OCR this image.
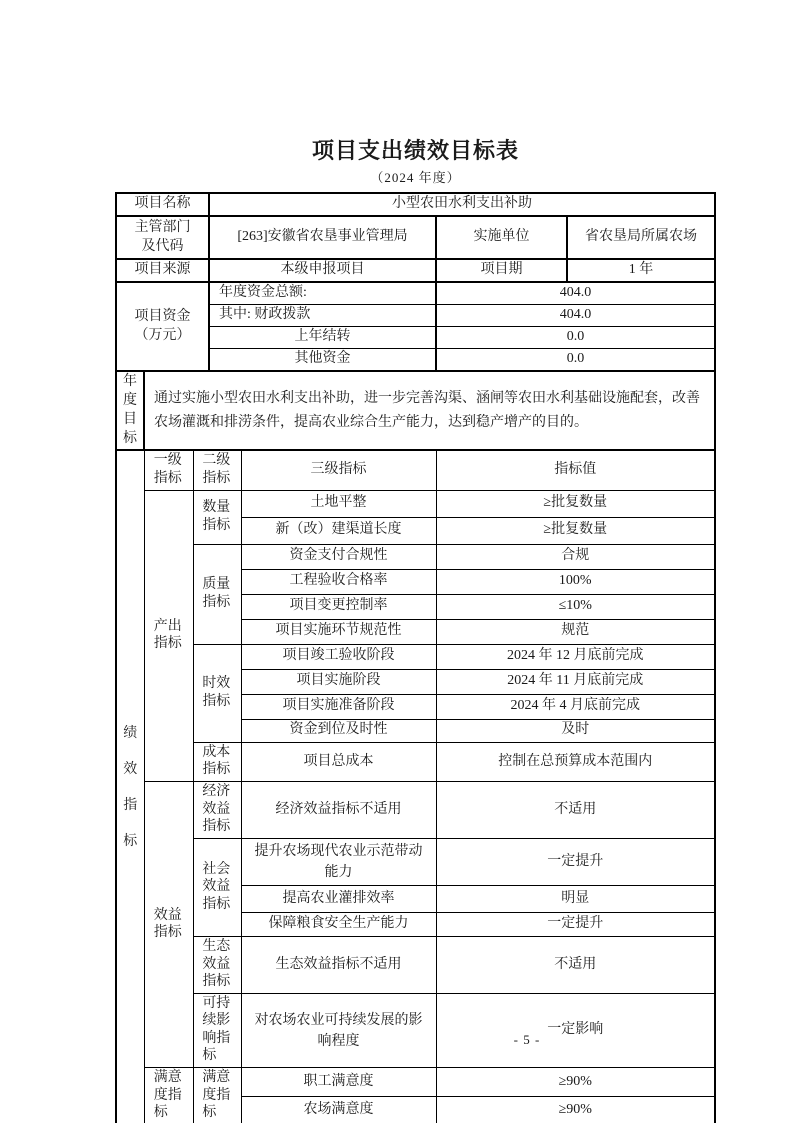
项目支出绩效目标表
（2024 年度）
项目名称			小型农田水利支出补助			
主管部门及代码			[263]安徽省农垦事业管理局		实施单位	省农垦局所属农场
项目来源			本级申报项目		项目期	1 年
项目资金（万元）			年度资金总额:		404.0	
			其中: 财政拨款		404.0	
			上年结转		0.0	
			其他资金		0.0	
年度目标	通过实施小型农田水利支出补助，进一步完善沟渠、涵闸等农田水利基础设施配套，改善农场灌溉和排涝条件，提高农业综合生产能力，达到稳产增产的目的。					
绩效指标	一级指标	二级指标		三级指标	指标值	
	产出指标	数量指标		土地平整	≥批复数量	
				新（改）建渠道长度	≥批复数量	
		质量指标		资金支付合规性	合规	
				工程验收合格率	100%	
				项目变更控制率	≤10%	
				项目实施环节规范性	规范	
		时效指标		项目竣工验收阶段	2024 年 12 月底前完成	
				项目实施阶段	2024 年 11 月底前完成	
				项目实施准备阶段	2024 年 4 月底前完成	
				资金到位及时性	及时	
		成本指标		项目总成本	控制在总预算成本范围内	
	效益指标	经济效益指标		经济效益指标不适用	不适用	
		社会效益指标		提升农场现代农业示范带动能力	一定提升	
				提高农业灌排效率	明显	
				保障粮食安全生产能力	一定提升	
		生态效益指标		生态效益指标不适用	不适用	
		可持续影响指标		对农场农业可持续发展的影响程度	一定影响	
	满意度指标	满意度指标		职工满意度	≥90%	
				农场满意度	≥90%	
- 5 -
